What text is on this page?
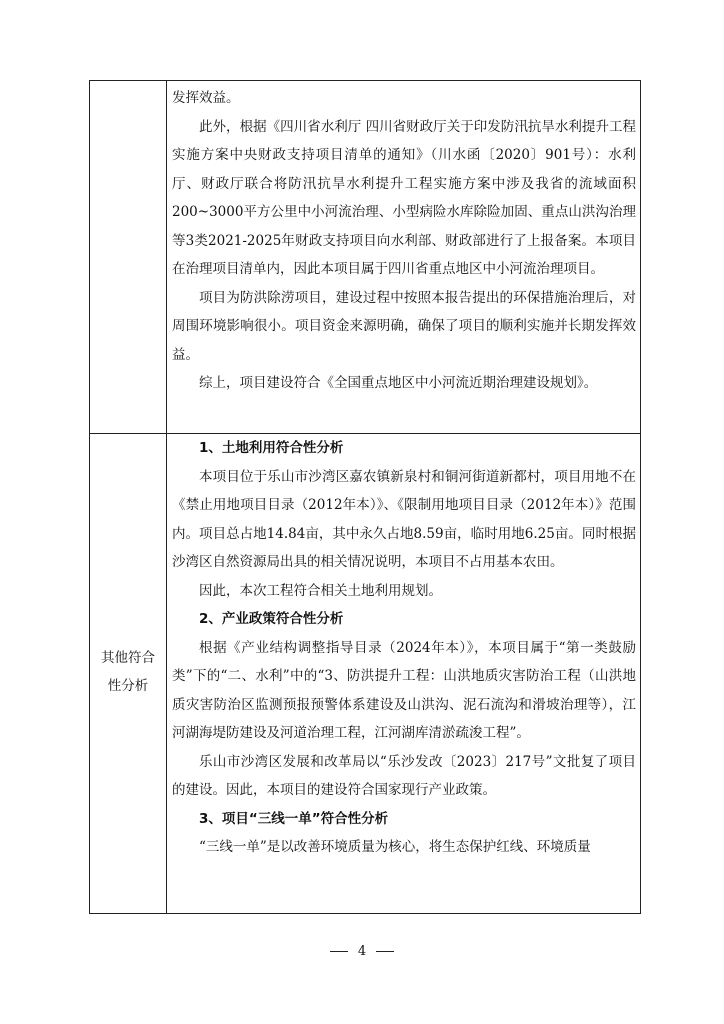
发挥效益。

此外，根据《四川省水利厅 四川省财政厅关于印发防汛抗旱水利提升工程实施方案中央财政支持项目清单的通知》（川水函〔2020〕901号）：水利厅、财政厅联合将防汛抗旱水利提升工程实施方案中涉及我省的流域面积200~3000平方公里中小河流治理、小型病险水库除险加固、重点山洪沟治理等3类2021-2025年财政支持项目向水利部、财政部进行了上报备案。本项目在治理项目清单内，因此本项目属于四川省重点地区中小河流治理项目。

项目为防洪除涝项目，建设过程中按照本报告提出的环保措施治理后，对周围环境影响很小。项目资金来源明确，确保了项目的顺利实施并长期发挥效益。

综上，项目建设符合《全国重点地区中小河流近期治理建设规划》。

其他符合
性分析

1、土地利用符合性分析

本项目位于乐山市沙湾区嘉农镇新泉村和铜河街道新都村，项目用地不在《禁止用地项目目录（2012年本）》、《限制用地项目目录（2012年本）》范围内。项目总占地14.84亩，其中永久占地8.59亩，临时用地6.25亩。同时根据沙湾区自然资源局出具的相关情况说明，本项目不占用基本农田。

因此，本次工程符合相关土地利用规划。

2、产业政策符合性分析

根据《产业结构调整指导目录（2024年本）》，本项目属于“第一类鼓励类”下的“二、水利”中的“3、防洪提升工程：山洪地质灾害防治工程（山洪地质灾害防治区监测预报预警体系建设及山洪沟、泥石流沟和滑坡治理等），江河湖海堤防建设及河道治理工程，江河湖库清淤疏浚工程”。

乐山市沙湾区发展和改革局以“乐沙发改〔2023〕217号”文批复了项目的建设。因此，本项目的建设符合国家现行产业政策。

3、项目“三线一单”符合性分析

“三线一单”是以改善环境质量为核心，将生态保护红线、环境质量

4
